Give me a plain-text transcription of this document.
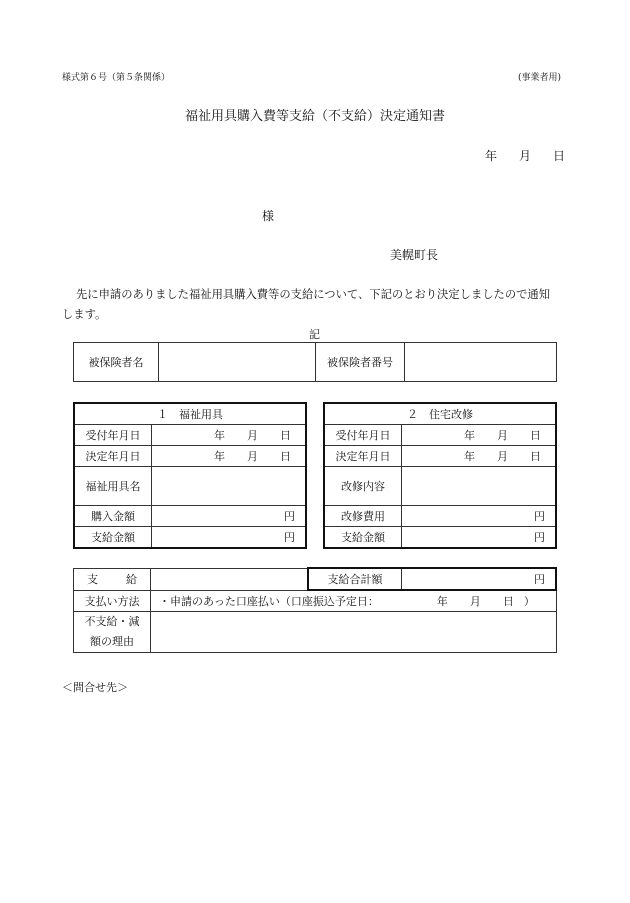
様式第６号（第５条関係）	(事業者用)
福祉用具購入費等支給（不支給）決定通知書
年 月 日
様
美幌町長
先に申請のありました福祉用具購入費等の支給について、下記のとおり決定しましたので通知
します。
記
被保険者名		被保険者番号	
１　福祉用具	
受付年月日	年 月 日
決定年月日	年 月 日
福祉用具名	
購入金額	円
支給金額	円
２　住宅改修	
受付年月日	年 月 日
決定年月日	年 月 日
改修内容	
改修費用	円
支給金額	円
支 給		支給合計額	円
支払い方法	・申請のあった口座払い（口座振込予定日： 年 月 日 ）		
不支給・減
額の理由			
＜問合せ先＞
